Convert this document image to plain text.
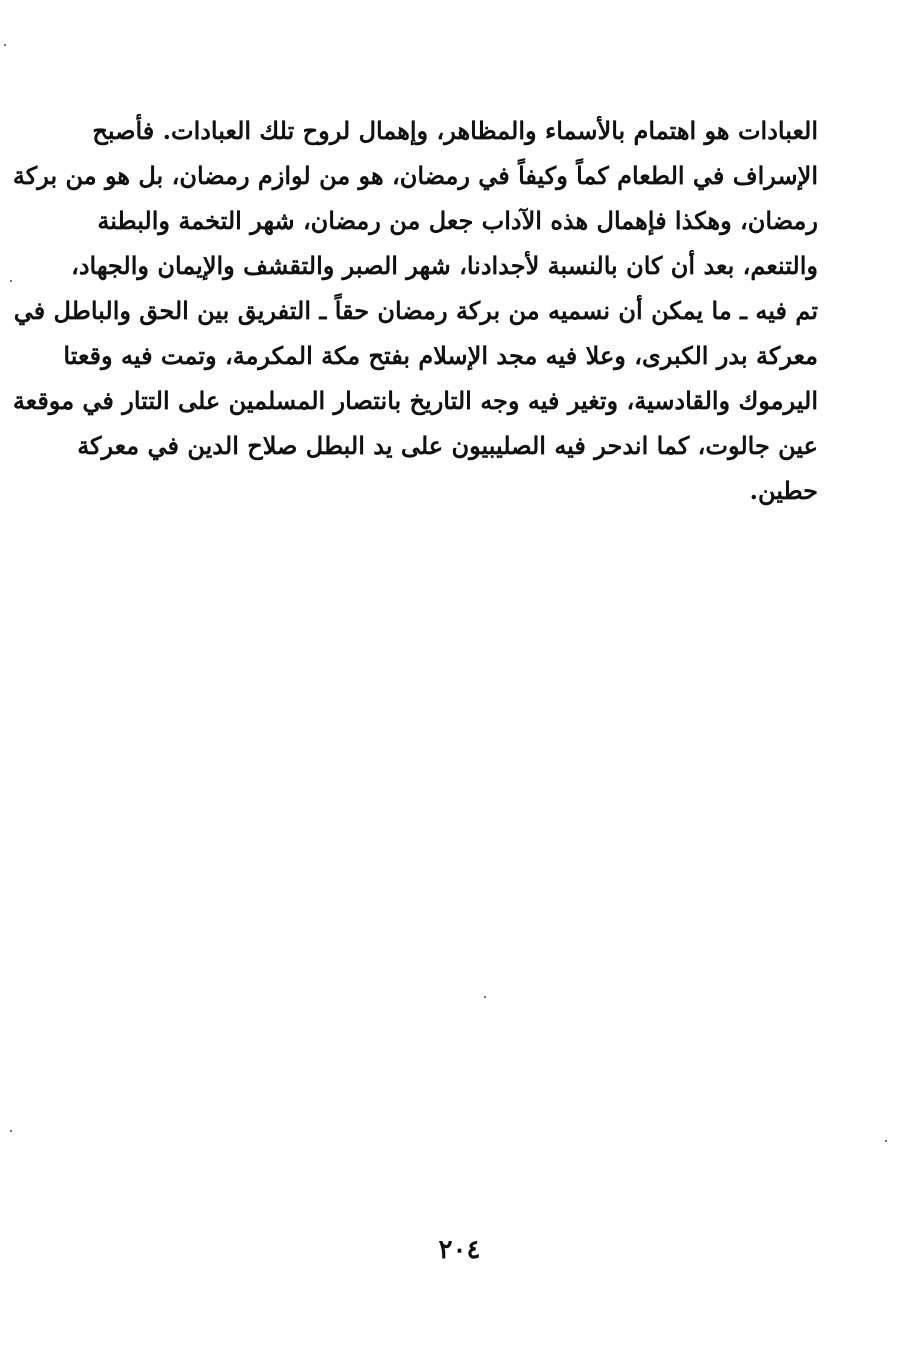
العبادات هو اهتمام بالأسماء والمظاهر، وإهمال لروح تلك العبادات. فأصبح
الإسراف في الطعام كماً وكيفاً في رمضان، هو من لوازم رمضان، بل هو من بركة
رمضان، وهكذا فإهمال هذه الآداب جعل من رمضان، شهر التخمة والبطنة
والتنعم، بعد أن كان بالنسبة لأجدادنا، شهر الصبر والتقشف والإيمان والجهاد،
تم فيه ـ ما يمكن أن نسميه من بركة رمضان حقاً ـ التفريق بين الحق والباطل في
معركة بدر الكبرى، وعلا فيه مجد الإسلام بفتح مكة المكرمة، وتمت فيه وقعتا
اليرموك والقادسية، وتغير فيه وجه التاريخ بانتصار المسلمين على التتار في موقعة
عين جالوت، كما اندحر فيه الصليبيون على يد البطل صلاح الدين في معركة
حطين.
٢٠٤
